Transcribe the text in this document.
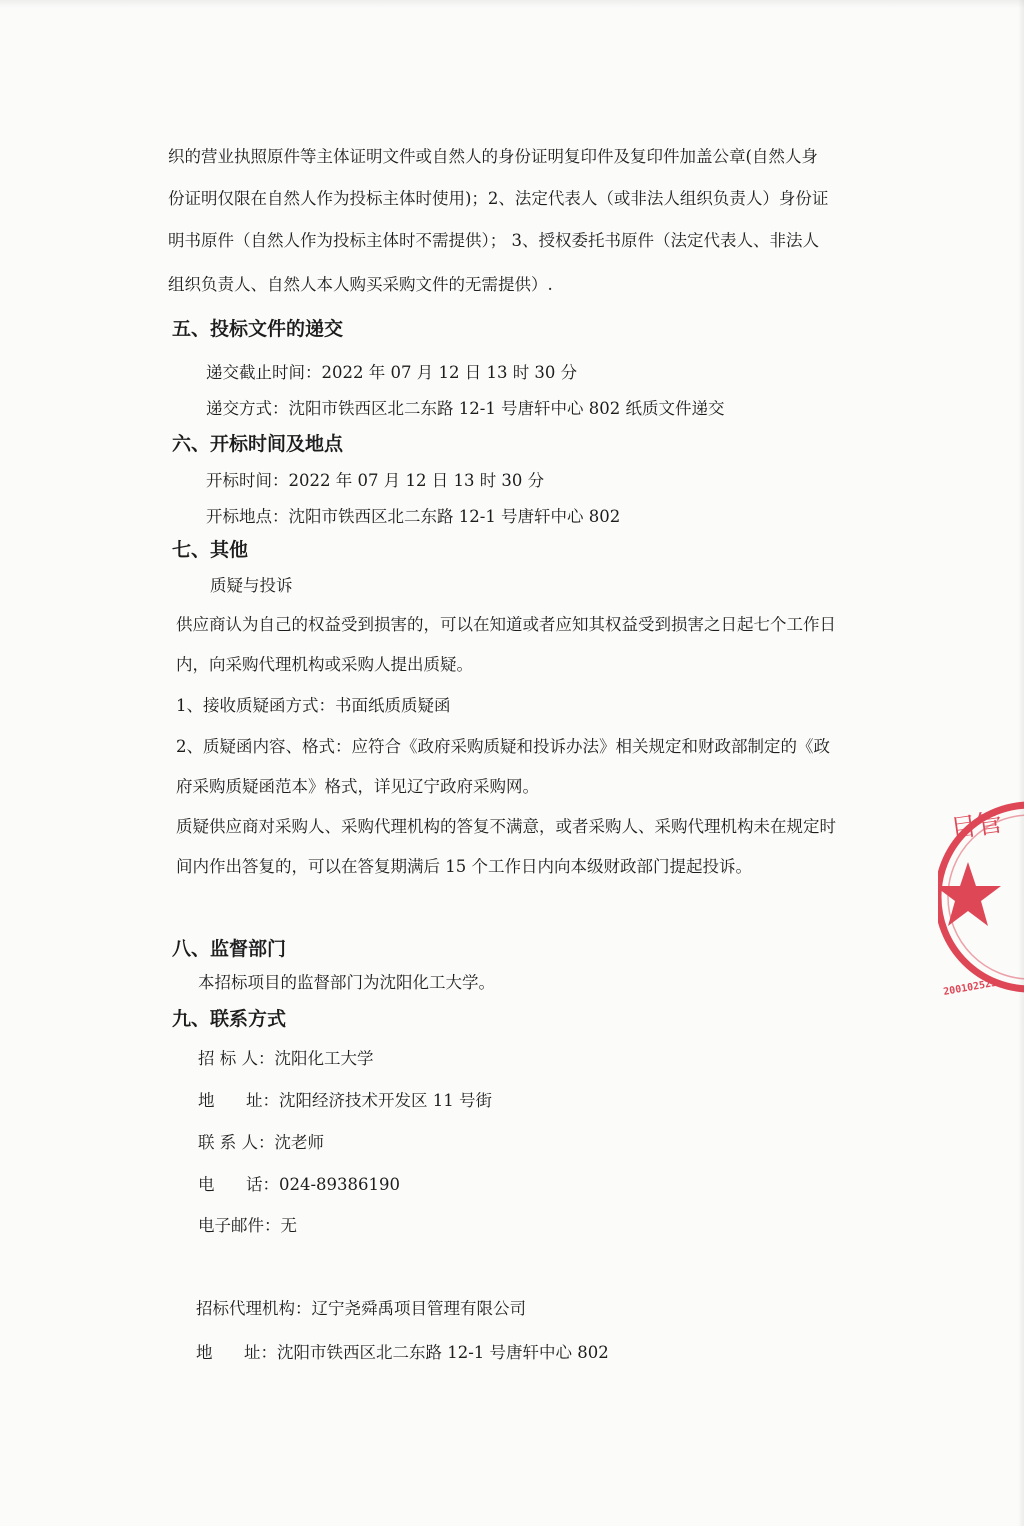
织的营业执照原件等主体证明文件或自然人的身份证明复印件及复印件加盖公章(自然人身
份证明仅限在自然人作为投标主体时使用)；2、法定代表人（或非法人组织负责人）身份证
明书原件（自然人作为投标主体时不需提供）； 3、授权委托书原件（法定代表人、非法人
组织负责人、自然人本人购买采购文件的无需提供）.
五、投标文件的递交
递交截止时间：2022 年 07 月 12 日 13 时 30 分
递交方式：沈阳市铁西区北二东路 12-1 号唐轩中心 802 纸质文件递交
六、开标时间及地点
开标时间：2022 年 07 月 12 日 13 时 30 分
开标地点：沈阳市铁西区北二东路 12-1 号唐轩中心 802
七、其他
质疑与投诉
供应商认为自己的权益受到损害的，可以在知道或者应知其权益受到损害之日起七个工作日
内，向采购代理机构或采购人提出质疑。
1、接收质疑函方式：书面纸质质疑函
2、质疑函内容、格式：应符合《政府采购质疑和投诉办法》相关规定和财政部制定的《政
府采购质疑函范本》格式，详见辽宁政府采购网。
质疑供应商对采购人、采购代理机构的答复不满意，或者采购人、采购代理机构未在规定时
间内作出答复的，可以在答复期满后 15 个工作日内向本级财政部门提起投诉。
八、监督部门
本招标项目的监督部门为沈阳化工大学。
九、联系方式
招 标 人：沈阳化工大学
地      址：沈阳经济技术开发区 11 号街
联 系 人：沈老师
电      话：024-89386190
电子邮件：无
招标代理机构：辽宁尧舜禹项目管理有限公司
地      址：沈阳市铁西区北二东路 12-1 号唐轩中心 802
目管
200102523
